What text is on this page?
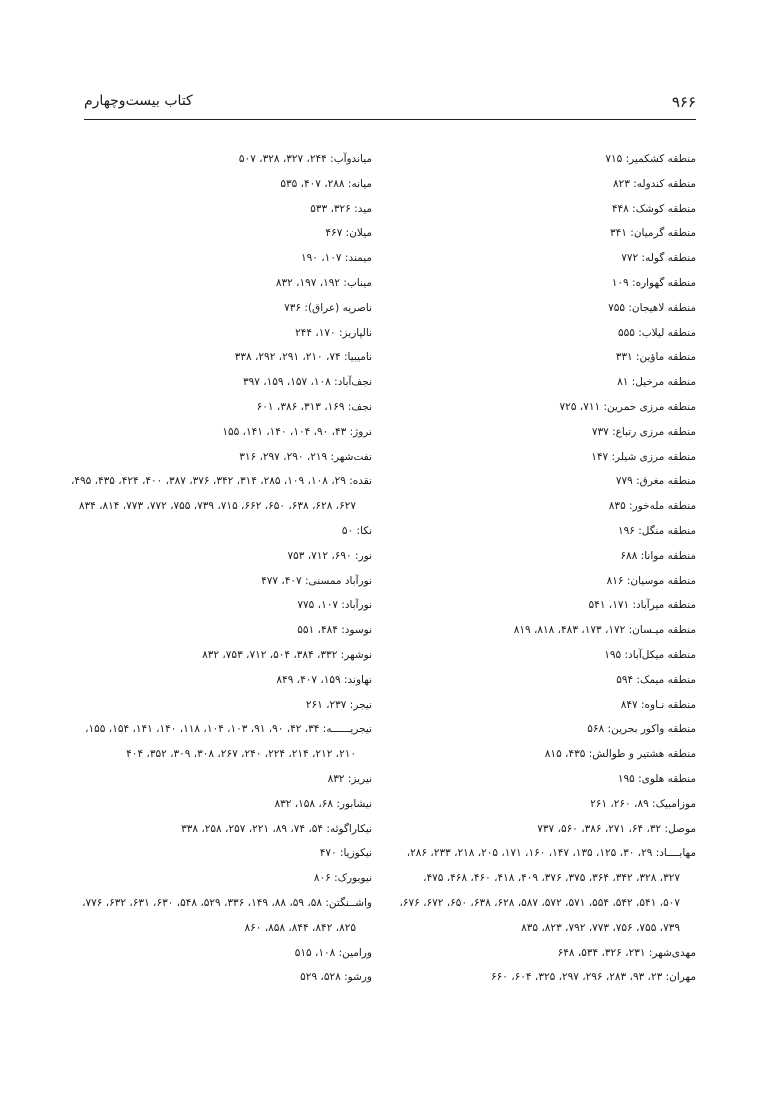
۹۶۶
کتاب بیست‌وچهارم
منطقه کشکمیر: ۷۱۵
منطقه کندوله: ۸۲۳
منطقه کوشک: ۴۴۸
منطقه گرمیان: ۳۴۱
منطقه گوله: ۷۷۲
منطقه گهواره: ۱۰۹
منطقه لاهیجان: ۷۵۵
منطقه لیلاب: ۵۵۵
منطقه ماؤین: ۳۳۱
منطقه مرخیل: ۸۱
منطقه مرزی حمرین: ۷۱۱، ۷۲۵
منطقه مرزی رتباع: ۷۳۷
منطقه مرزی شیلر: ۱۴۷
منطقه مغرق: ۷۷۹
منطقه ملەخور: ۸۳۵
منطقه منگل: ۱۹۶
منطقه موانا: ۶۸۸
منطقه موسیان: ۸۱۶
منطقه میرآباد: ۱۷۱، ۵۴۱
منطقه میـسان: ۱۷۲، ۱۷۳، ۴۸۳، ۸۱۸، ۸۱۹
منطقه میکل‌آباد: ۱۹۵
منطقه میمک: ۵۹۴
منطقه نـاوه: ۸۴۷
منطقه واکور بحرین: ۵۶۸
منطقه هشتیر و طوالش: ۴۳۵، ۸۱۵
منطقه هلوی: ۱۹۵
موزامبیک: ۸۹، ۲۶۰، ۲۶۱
موصل: ۳۲، ۶۴، ۲۷۱، ۳۸۶، ۵۶۰، ۷۳۷
مهابــــاد: ۲۹، ۳۰، ۱۲۵، ۱۳۵، ۱۴۷، ۱۶۰، ۱۷۱، ۲۰۵، ۲۱۸، ۲۳۳، ۲۸۶،
۳۲۷، ۳۲۸، ۳۴۲، ۳۶۴، ۳۷۵، ۳۷۶، ۴۰۹، ۴۱۸، ۴۶۰، ۴۶۸، ۴۷۵،
۵۰۷، ۵۴۱، ۵۴۲، ۵۵۴، ۵۷۱، ۵۷۲، ۵۸۷، ۶۲۸، ۶۳۸، ۶۵۰، ۶۷۲، ۶۷۶،
۷۳۹، ۷۵۵، ۷۵۶، ۷۷۳، ۷۹۲، ۸۲۳، ۸۳۵
مهدی‌شهر: ۲۳۱، ۳۲۶، ۵۳۴، ۶۴۸
مهران: ۲۳، ۹۳، ۲۸۳، ۲۹۶، ۲۹۷، ۳۲۵، ۶۰۴، ۶۶۰
میاندوآب: ۲۴۴، ۳۲۷، ۳۲۸، ۵۰۷
میانه: ۲۸۸، ۴۰۷، ۵۳۵
مید: ۳۲۶، ۵۳۳
میلان: ۴۶۷
میمند: ۱۰۷، ۱۹۰
میناب: ۱۹۲، ۱۹۷، ۸۳۲
ناصریه (عراق): ۷۳۶
نالپاریز: ۱۷۰، ۲۴۴
نامیبیا: ۷۴، ۲۱۰، ۲۹۱، ۲۹۲، ۳۳۸
نجف‌آباد: ۱۰۸، ۱۵۷، ۱۵۹، ۳۹۷
نجف: ۱۶۹، ۳۱۳، ۳۸۶، ۶۰۱
نروژ: ۴۳، ۹۰، ۱۰۴، ۱۴۰، ۱۴۱، ۱۵۵
نفت‌شهر: ۲۱۹، ۲۹۰، ۲۹۷، ۳۱۶
نقده: ۲۹، ۱۰۸، ۱۰۹، ۲۸۵، ۳۱۴، ۳۴۲، ۳۷۶، ۳۸۷، ۴۰۰، ۴۲۴، ۴۳۵، ۴۹۵،
۶۲۷، ۶۲۸، ۶۳۸، ۶۵۰، ۶۶۲، ۷۱۵، ۷۳۹، ۷۵۵، ۷۷۲، ۷۷۳، ۸۱۴، ۸۳۴
نکا: ۵۰
نور: ۶۹۰، ۷۱۲، ۷۵۳
نورآباد ممسنی: ۴۰۷، ۴۷۷
نورآباد: ۱۰۷، ۷۷۵
نوسود: ۴۸۴، ۵۵۱
نوشهر: ۳۳۲، ۳۸۴، ۵۰۴، ۷۱۲، ۷۵۳، ۸۳۲
نهاوند: ۱۵۹، ۴۰۷، ۸۴۹
نیجر: ۲۳۷، ۲۶۱
نیجریــــــه: ۳۴، ۴۲، ۹۰، ۹۱، ۱۰۳، ۱۰۴، ۱۱۸، ۱۴۰، ۱۴۱، ۱۵۴، ۱۵۵،
۲۱۰، ۲۱۲، ۲۱۴، ۲۲۴، ۲۴۰، ۲۶۷، ۳۰۸، ۳۰۹، ۳۵۲، ۴۰۴
نیریز: ۸۳۲
نیشابور: ۶۸، ۱۵۸، ۸۳۲
نیکاراگوئه: ۵۴، ۷۴، ۸۹، ۲۲۱، ۲۵۷، ۲۵۸، ۳۳۸
نیکوزیا: ۴۷۰
نیویورک: ۸۰۶
واشــنگتن: ۵۸، ۵۹، ۸۸، ۱۴۹، ۳۳۶، ۵۲۹، ۵۴۸، ۶۳۰، ۶۳۱، ۶۳۲، ۷۷۶،
۸۲۵، ۸۴۲، ۸۴۴، ۸۵۸، ۸۶۰
ورامین: ۱۰۸، ۵۱۵
ورشو: ۵۲۸، ۵۲۹
